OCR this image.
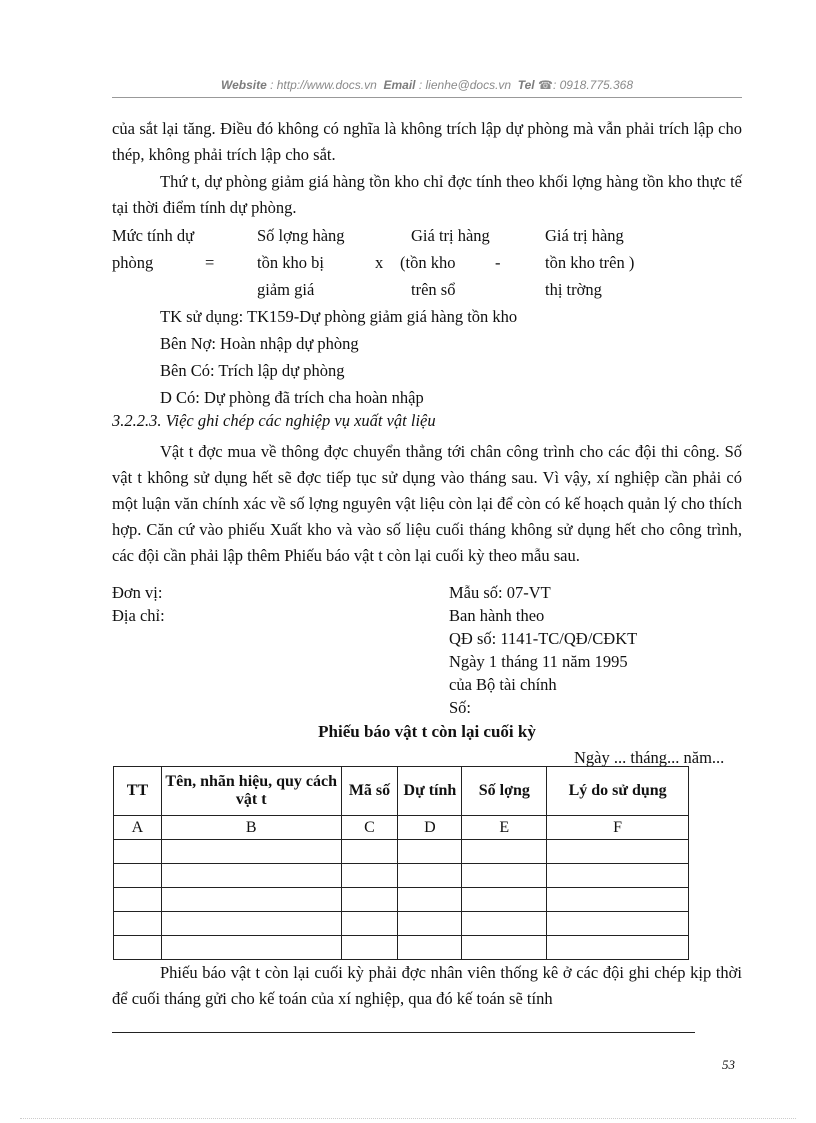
Website : http://www.docs.vn Email : lienhe@docs.vn Tel ☎: 0918.775.368
của sắt lại tăng. Điều đó không có nghĩa là không trích lập dự phòng mà vẫn phải trích lập cho thép, không phải trích lập cho sắt.
Thứ t, dự phòng giảm giá hàng tồn kho chỉ đợc tính theo khối lợng hàng tồn kho thực tế tại thời điểm tính dự phòng.
Mức tính dự
phòng	=
Số lợng hàng
tồn kho bị
giảm giá
x
Giá trị hàng
(tồn kho
trên sổ
-
Giá trị hàng
tồn kho trên )
thị trờng
TK sử dụng: TK159-Dự phòng giảm giá hàng tồn kho
Bên Nợ: Hoàn nhập dự phòng
Bên Có: Trích lập dự phòng
D Có: Dự phòng đã trích cha hoàn nhập
3.2.2.3. Việc ghi chép các nghiệp vụ xuất vật liệu
Vật t đợc mua về thông đợc chuyển thẳng tới chân công trình cho các đội thi công. Số vật t không sử dụng hết sẽ đợc tiếp tục sử dụng vào tháng sau. Vì vậy, xí nghiệp cần phải có một luận văn chính xác về số lợng nguyên vật liệu còn lại để còn có kế hoạch quản lý cho thích hợp. Căn cứ vào phiếu Xuất kho và vào số liệu cuối tháng không sử dụng hết cho công trình, các đội cần phải lập thêm Phiếu báo vật t còn lại cuối kỳ theo mẫu sau.
Đơn vị:
Địa chỉ:
Mẫu số: 07-VT
Ban hành theo
QĐ số: 1141-TC/QĐ/CĐKT
Ngày 1 tháng 11 năm 1995
của Bộ tài chính
Số:
Phiếu báo vật t còn lại cuối kỳ
Ngày ... tháng... năm...
TT	Tên, nhãn hiệu, quy cách vật t	Mã số	Dự tính	Số lợng	Lý do sử dụng
A	B	C	D	E	F

Phiếu báo vật t còn lại cuối kỳ phải đợc nhân viên thống kê ở các đội ghi chép kịp thời để cuối tháng gửi cho kế toán của xí nghiệp, qua đó kế toán sẽ tính
53
